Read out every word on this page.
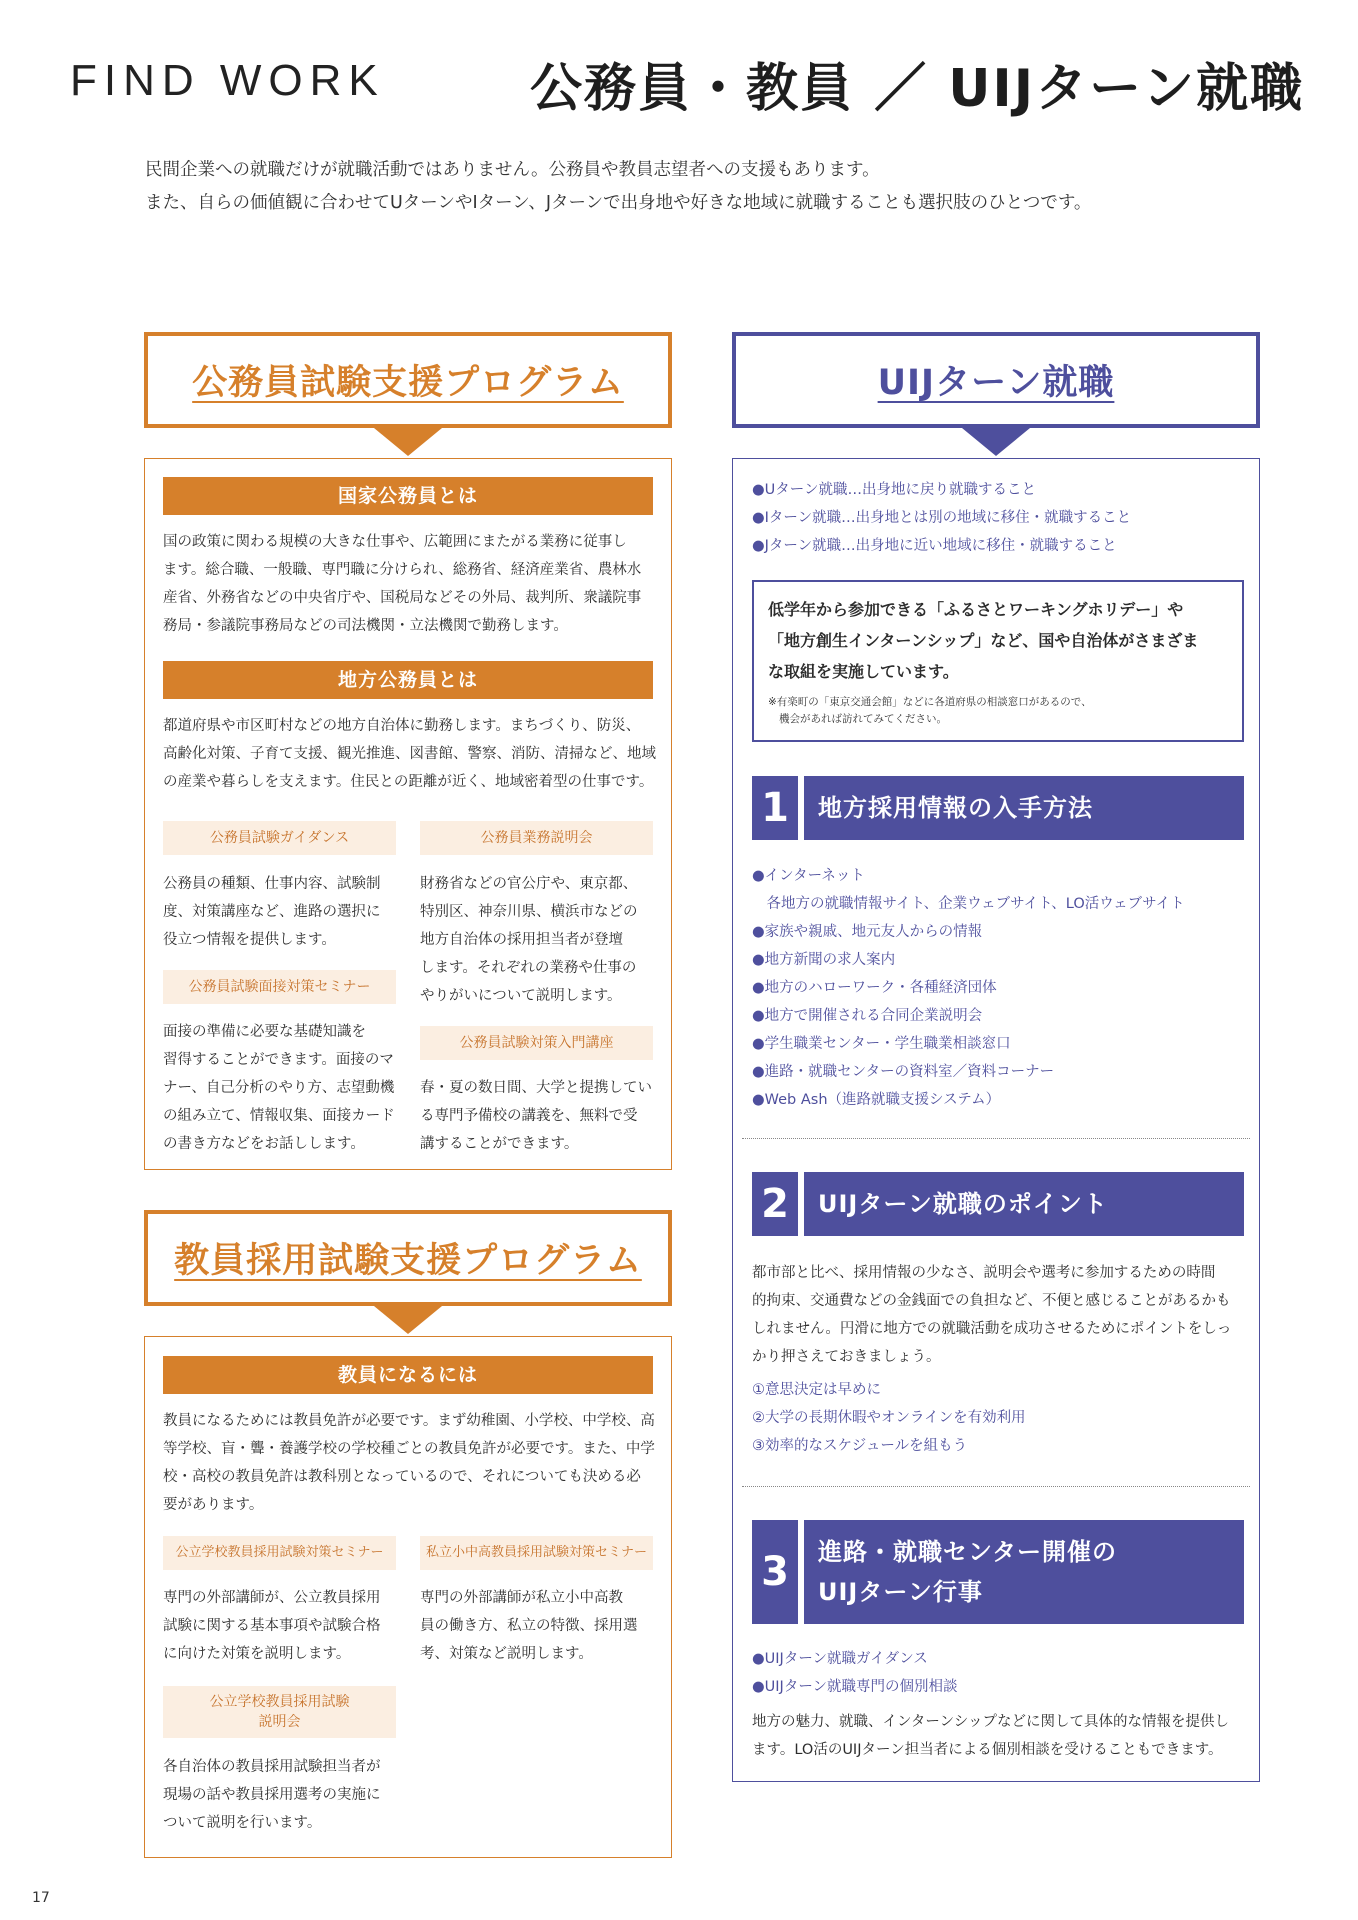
FIND WORK	公務員・教員 ／ UIJターン就職
民間企業への就職だけが就職活動ではありません。公務員や教員志望者への支援もあります。
また、自らの価値観に合わせてUターンやIターン、Jターンで出身地や好きな地域に就職することも選択肢のひとつです。
公務員試験支援プログラム
国家公務員とは
国の政策に関わる規模の大きな仕事や、広範囲にまたがる業務に従事し
ます。総合職、一般職、専門職に分けられ、総務省、経済産業省、農林水
産省、外務省などの中央省庁や、国税局などその外局、裁判所、衆議院事
務局・参議院事務局などの司法機関・立法機関で勤務します。
地方公務員とは
都道府県や市区町村などの地方自治体に勤務します。まちづくり、防災、
高齢化対策、子育て支援、観光推進、図書館、警察、消防、清掃など、地域
の産業や暮らしを支えます。住民との距離が近く、地域密着型の仕事です。
公務員試験ガイダンス
公務員の種類、仕事内容、試験制
度、対策講座など、進路の選択に
役立つ情報を提供します。
公務員試験面接対策セミナー
面接の準備に必要な基礎知識を
習得することができます。面接のマ
ナー、自己分析のやり方、志望動機
の組み立て、情報収集、面接カード
の書き方などをお話しします。
公務員業務説明会
財務省などの官公庁や、東京都、
特別区、神奈川県、横浜市などの
地方自治体の採用担当者が登壇
します。それぞれの業務や仕事の
やりがいについて説明します。
公務員試験対策入門講座
春・夏の数日間、大学と提携してい
る専門予備校の講義を、無料で受
講することができます。
教員採用試験支援プログラム
教員になるには
教員になるためには教員免許が必要です。まず幼稚園、小学校、中学校、高
等学校、盲・聾・養護学校の学校種ごとの教員免許が必要です。また、中学
校・高校の教員免許は教科別となっているので、それについても決める必
要があります。
公立学校教員採用試験対策セミナー
専門の外部講師が、公立教員採用
試験に関する基本事項や試験合格
に向けた対策を説明します。
公立学校教員採用試験
説明会
各自治体の教員採用試験担当者が
現場の話や教員採用選考の実施に
ついて説明を行います。
私立小中高教員採用試験対策セミナー
専門の外部講師が私立小中高教
員の働き方、私立の特徴、採用選
考、対策など説明します。
UIJターン就職
●Uターン就職…出身地に戻り就職すること
●Iターン就職…出身地とは別の地域に移住・就職すること
●Jターン就職…出身地に近い地域に移住・就職すること
低学年から参加できる「ふるさとワーキングホリデー」や
「地方創生インターンシップ」など、国や自治体がさまざま
な取組を実施しています。
※有楽町の「東京交通会館」などに各道府県の相談窓口があるので、
機会があれば訪れてみてください。
1	地方採用情報の入手方法
●インターネット
　各地方の就職情報サイト、企業ウェブサイト、LO活ウェブサイト
●家族や親戚、地元友人からの情報
●地方新聞の求人案内
●地方のハローワーク・各種経済団体
●地方で開催される合同企業説明会
●学生職業センター・学生職業相談窓口
●進路・就職センターの資料室／資料コーナー
●Web Ash（進路就職支援システム）
2	UIJターン就職のポイント
都市部と比べ、採用情報の少なさ、説明会や選考に参加するための時間
的拘束、交通費などの金銭面での負担など、不便と感じることがあるかも
しれません。円滑に地方での就職活動を成功させるためにポイントをしっ
かり押さえておきましょう。
①意思決定は早めに
②大学の長期休暇やオンラインを有効利用
③効率的なスケジュールを組もう
3	進路・就職センター開催の
UIJターン行事
●UIJターン就職ガイダンス
●UIJターン就職専門の個別相談
地方の魅力、就職、インターンシップなどに関して具体的な情報を提供し
ます。LO活のUIJターン担当者による個別相談を受けることもできます。
17
